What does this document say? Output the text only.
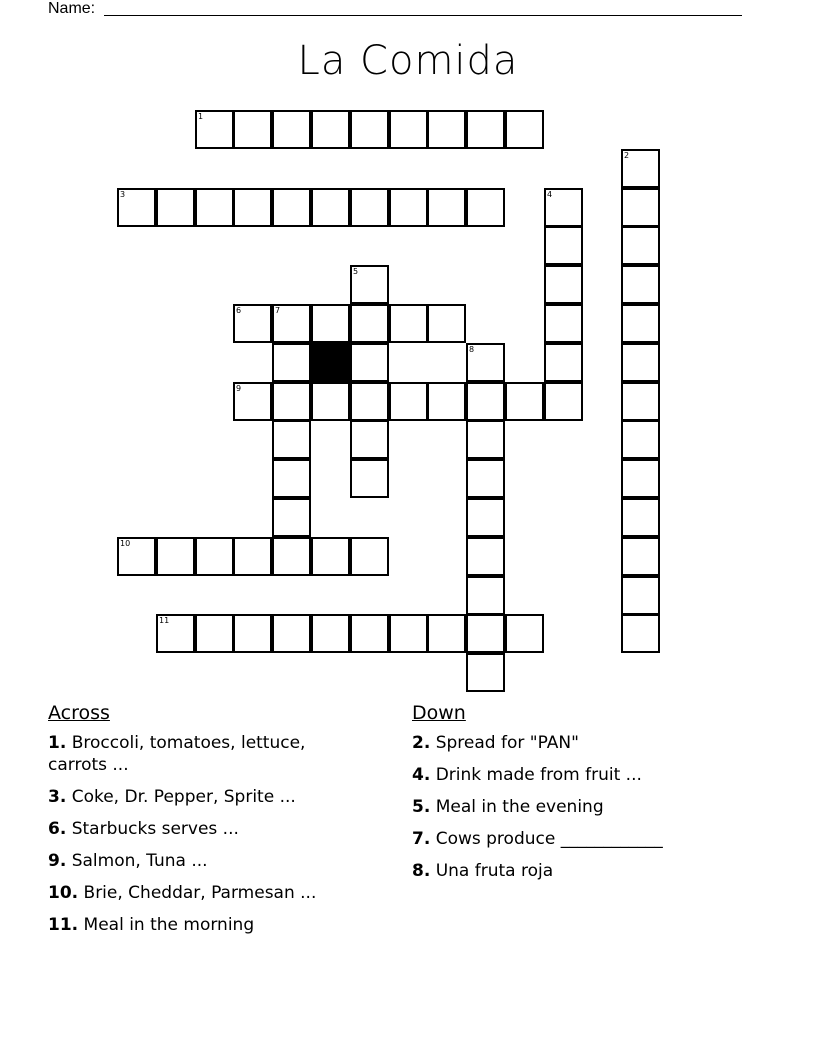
Name:
La Comida
1
2
3	4
5
6	7
8
9
10
11
Across
1. Broccoli, tomatoes, lettuce, carrots ...
3. Coke, Dr. Pepper, Sprite ...
6. Starbucks serves ...
9. Salmon, Tuna ...
10. Brie, Cheddar, Parmesan ...
11. Meal in the morning
Down
2. Spread for "PAN"
4. Drink made from fruit ...
5. Meal in the evening
7. Cows produce ____________
8. Una fruta roja
